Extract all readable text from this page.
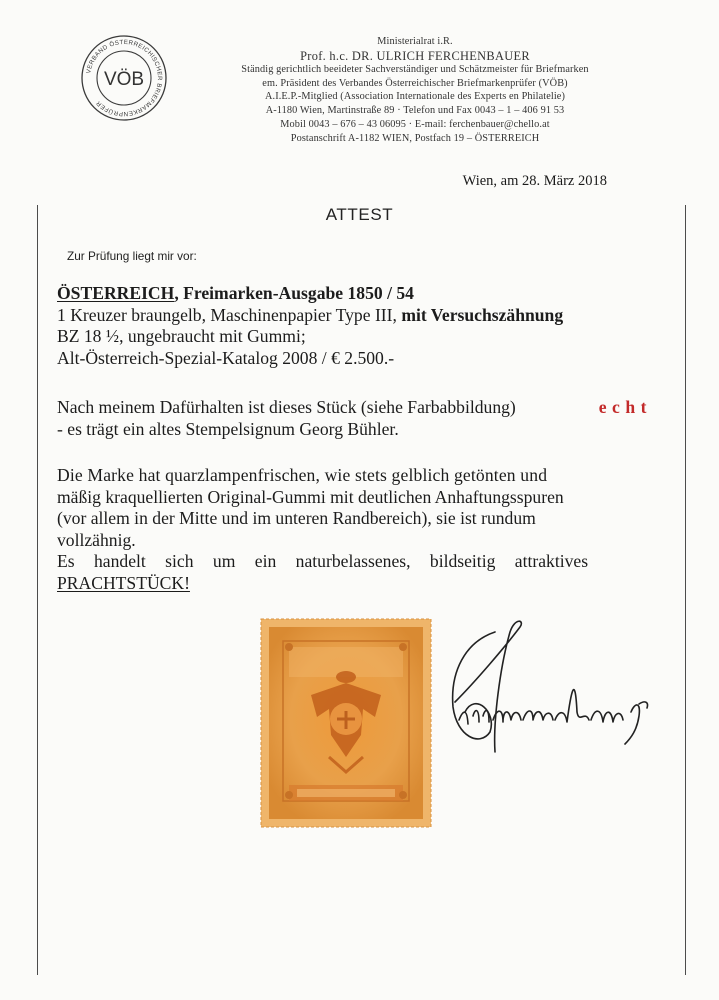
VERBAND ÖSTERREICHISCHER BRIEFMARKENPRÜFER
VÖB
Ministerialrat i.R.
Prof. h.c. DR. ULRICH FERCHENBAUER
Ständig gerichtlich beeideter Sachverständiger und Schätzmeister für Briefmarken
em. Präsident des Verbandes Österreichischer Briefmarkenprüfer (VÖB)
A.I.E.P.-Mitglied (Association Internationale des Experts en Philatelie)
A-1180 Wien, Martinstraße 89 · Telefon und Fax 0043 – 1 – 406 91 53
Mobil 0043 – 676 – 43 06095 · E-mail: ferchenbauer@chello.at
Postanschrift A-1182 WIEN, Postfach 19 – ÖSTERREICH
Wien, am 28. März 2018
ATTEST
Zur Prüfung liegt mir vor:
ÖSTERREICH, Freimarken-Ausgabe 1850 / 54
1 Kreuzer braungelb, Maschinenpapier Type III, mit Versuchszähnung
BZ 18 ½, ungebraucht mit Gummi;
Alt-Österreich-Spezial-Katalog 2008 / € 2.500.-
Nach meinem Dafürhalten ist dieses Stück (siehe Farbabbildung)	echt
- es trägt ein altes Stempelsignum Georg Bühler.
Die Marke hat quarzlampenfrischen, wie stets gelblich getönten und
mäßig kraquellierten Original-Gummi mit deutlichen Anhaftungsspuren
(vor allem in der Mitte und im unteren Randbereich), sie ist rundum
vollzähnig.
Es handelt sich um ein naturbelassenes, bildseitig attraktives
PRACHTSTÜCK!
